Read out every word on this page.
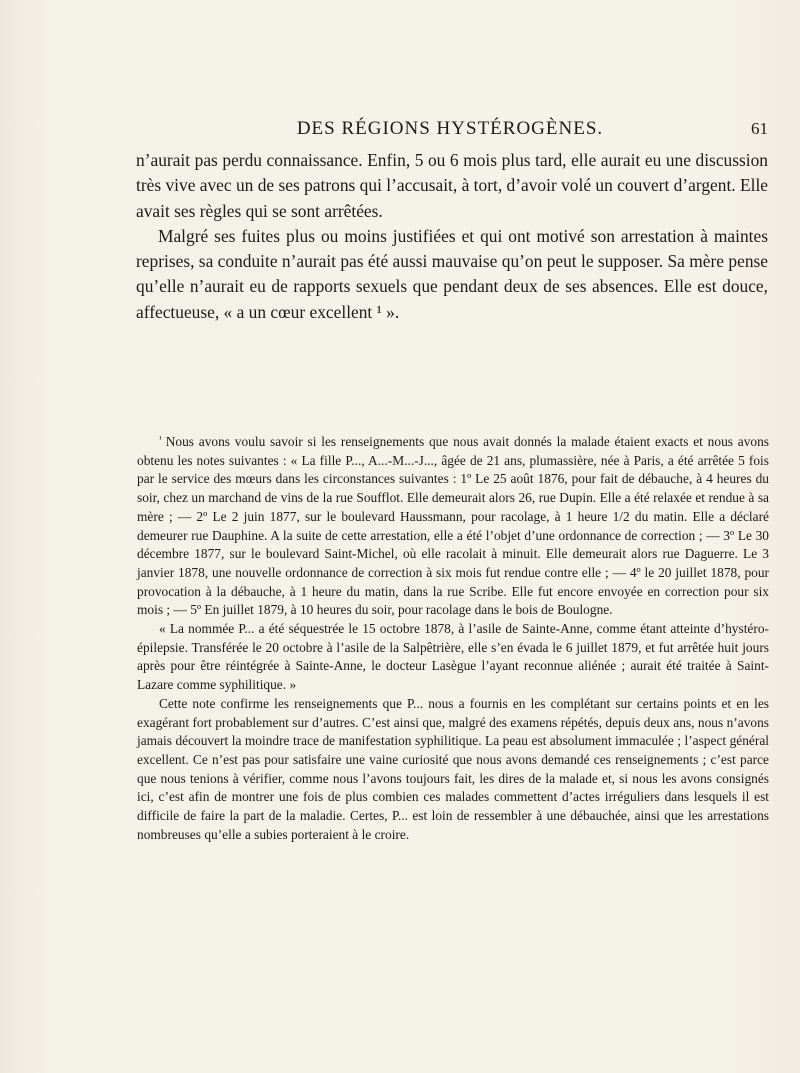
DES RÉGIONS HYSTÉROGÈNES.	61

n’aurait pas perdu connaissance. Enfin, 5 ou 6 mois plus tard, elle aurait eu une discussion très vive avec un de ses patrons qui l’accusait, à tort, d’avoir volé un couvert d’argent. Elle avait ses règles qui se sont arrêtées.

Malgré ses fuites plus ou moins justifiées et qui ont motivé son arrestation à maintes reprises, sa conduite n’aurait pas été aussi mauvaise qu’on peut le supposer. Sa mère pense qu’elle n’aurait eu de rapports sexuels que pendant deux de ses absences. Elle est douce, affectueuse, « a un cœur excellent ¹ ».

$^{^1}$ Nous avons voulu savoir si les renseignements que nous avait donnés la malade étaient exacts et nous avons obtenu les notes suivantes : « La fille P..., A...-M...-J..., âgée de 21 ans, plumassière, née à Paris, a été arrêtée 5 fois par le service des mœurs dans les circonstances suivantes : 1º Le 25 août 1876, pour fait de débauche, à 4 heures du soir, chez un marchand de vins de la rue Soufflot. Elle demeurait alors 26, rue Dupin. Elle a été relaxée et rendue à sa mère ; — 2º Le 2 juin 1877, sur le boulevard Haussmann, pour racolage, à 1 heure 1/2 du matin. Elle a déclaré demeurer rue Dauphine. A la suite de cette arrestation, elle a été l’objet d’une ordonnance de correction ; — 3º Le 30 décembre 1877, sur le boulevard Saint-Michel, où elle racolait à minuit. Elle demeurait alors rue Daguerre. Le 3 janvier 1878, une nouvelle ordonnance de correction à six mois fut rendue contre elle ; — 4º le 20 juillet 1878, pour provocation à la débauche, à 1 heure du matin, dans la rue Scribe. Elle fut encore envoyée en correction pour six mois ; — 5º En juillet 1879, à 10 heures du soir, pour racolage dans le bois de Boulogne.

« La nommée P... a été séquestrée le 15 octobre 1878, à l’asile de Sainte-Anne, comme étant atteinte d’hystéro-épilepsie. Transférée le 20 octobre à l’asile de la Salpêtrière, elle s’en évada le 6 juillet 1879, et fut arrêtée huit jours après pour être réintégrée à Sainte-Anne, le docteur Lasègue l’ayant reconnue aliénée ; aurait été traitée à Saint-Lazare comme syphilitique. »

Cette note confirme les renseignements que P... nous a fournis en les complétant sur certains points et en les exagérant fort probablement sur d’autres. C’est ainsi que, malgré des examens répétés, depuis deux ans, nous n’avons jamais découvert la moindre trace de manifestation syphilitique. La peau est absolument immaculée ; l’aspect général excellent. Ce n’est pas pour satisfaire une vaine curiosité que nous avons demandé ces renseignements ; c’est parce que nous tenions à vérifier, comme nous l’avons toujours fait, les dires de la malade et, si nous les avons consignés ici, c’est afin de montrer une fois de plus combien ces malades commettent d’actes irréguliers dans lesquels il est difficile de faire la part de la maladie. Certes, P... est loin de ressembler à une débauchée, ainsi que les arrestations nombreuses qu’elle a subies porteraient à le croire.
